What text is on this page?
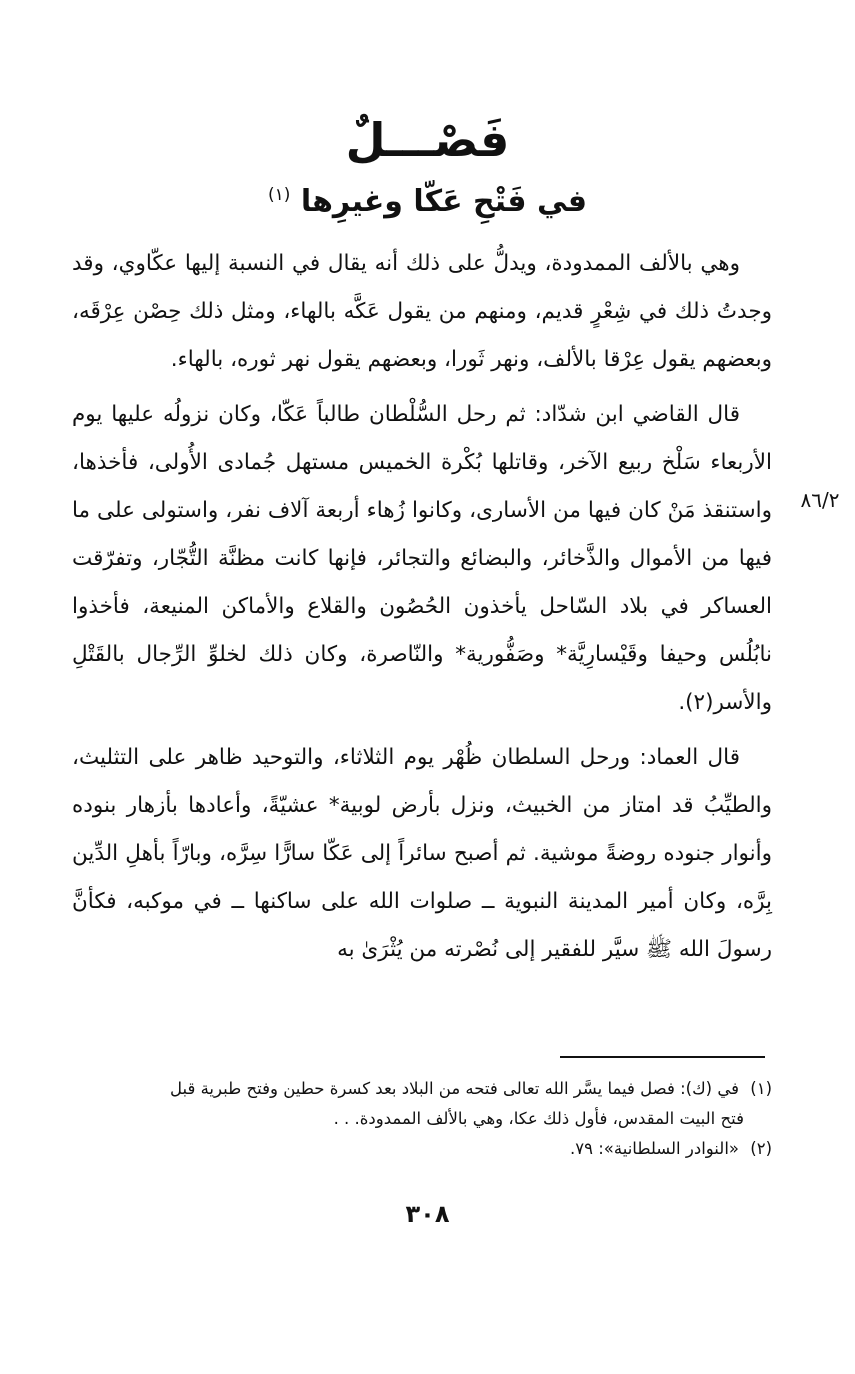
فَصْـــلٌ
في فَتْحِ عَكّا وغيرِها $^{(١)}$
٨٦/٢

وهي بالألف الممدودة، ويدلُّ على ذلك أنه يقال في النسبة إليها عكّاوي، وقد وجدتُ ذلك في شِعْرٍ قديم، ومنهم من يقول عَكَّه بالهاء، ومثل ذلك حِصْن عِرْقَه، وبعضهم يقول عِرْقا بالألف، ونهر ثَورا، وبعضهم يقول نهر ثوره، بالهاء.

قال القاضي ابن شدّاد: ثم رحل السُّلْطان طالباً عَكّا، وكان نزولُه عليها يوم الأربعاء سَلْخ ربيع الآخر، وقاتلها بُكْرة الخميس مستهل جُمادى الأُولى، فأخذها، واستنقذ مَنْ كان فيها من الأسارى، وكانوا زُهاء أربعة آلاف نفر، واستولى على ما فيها من الأموال والذَّخائر، والبضائع والتجائر، فإنها كانت مظنَّة التُّجّار، وتفرّقت العساكر في بلاد السّاحل يأخذون الحُصُون والقلاع والأماكن المنيعة، فأخذوا نابُلُس وحيفا وقَيْسارِيَّة* وصَفُّورية* والنّاصرة، وكان ذلك لخلوِّ الرِّجال بالقَتْلِ والأسر(٢).

قال العماد: ورحل السلطان ظُهْر يوم الثلاثاء، والتوحيد ظاهر على التثليث، والطيِّبُ قد امتاز من الخبيث، ونزل بأرض لوبية* عشيّةً، وأعادها بأزهار بنوده وأنوار جنوده روضةً موشية. ثم أصبح سائراً إلى عَكّا سارًّا سِرَّه، وبارّاً بأهلِ الدِّين بِرَّه، وكان أمير المدينة النبوية ــ صلوات الله على ساكنها ــ في موكبه، فكأنَّ رسولَ الله ﷺ سيَّر للفقير إلى نُصْرته من يُثْرَىٰ به

(١) في (ك): فصل فيما يسَّر الله تعالى فتحه من البلاد بعد كسرة حطين وفتح طبرية قبل
فتح البيت المقدس، فأول ذلك عكا، وهي بالألف الممدودة. . .
(٢) «النوادر السلطانية»: ٧٩.
٣٠٨
